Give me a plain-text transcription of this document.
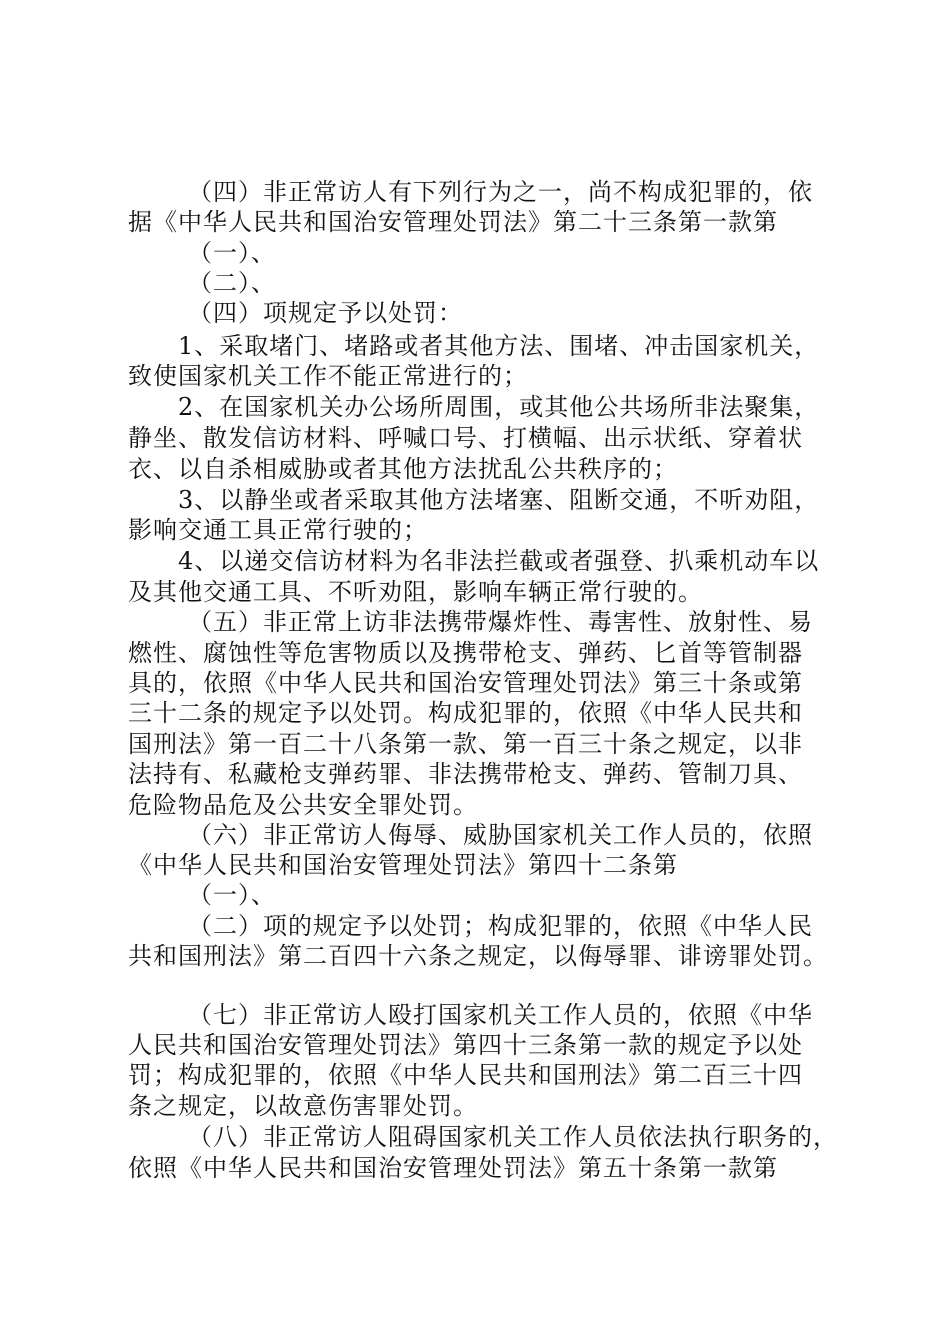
（四）非正常访人有下列行为之一，尚不构成犯罪的，依
据《中华人民共和国治安管理处罚法》第二十三条第一款第
（一）、
（二）、
（四）项规定予以处罚：
1、采取堵门、堵路或者其他方法、围堵、冲击国家机关，
致使国家机关工作不能正常进行的；
2、在国家机关办公场所周围，或其他公共场所非法聚集，
静坐、散发信访材料、呼喊口号、打横幅、出示状纸、穿着状
衣、以自杀相威胁或者其他方法扰乱公共秩序的；
3、以静坐或者采取其他方法堵塞、阻断交通，不听劝阻，
影响交通工具正常行驶的；
4、以递交信访材料为名非法拦截或者强登、扒乘机动车以
及其他交通工具、不听劝阻，影响车辆正常行驶的。
（五）非正常上访非法携带爆炸性、毒害性、放射性、易
燃性、腐蚀性等危害物质以及携带枪支、弹药、匕首等管制器
具的，依照《中华人民共和国治安管理处罚法》第三十条或第
三十二条的规定予以处罚。构成犯罪的，依照《中华人民共和
国刑法》第一百二十八条第一款、第一百三十条之规定，以非
法持有、私藏枪支弹药罪、非法携带枪支、弹药、管制刀具、
危险物品危及公共安全罪处罚。
（六）非正常访人侮辱、威胁国家机关工作人员的，依照
《中华人民共和国治安管理处罚法》第四十二条第
（一）、
（二）项的规定予以处罚；构成犯罪的，依照《中华人民
共和国刑法》第二百四十六条之规定，以侮辱罪、诽谤罪处罚。
（七）非正常访人殴打国家机关工作人员的，依照《中华
人民共和国治安管理处罚法》第四十三条第一款的规定予以处
罚；构成犯罪的，依照《中华人民共和国刑法》第二百三十四
条之规定，以故意伤害罪处罚。
（八）非正常访人阻碍国家机关工作人员依法执行职务的，
依照《中华人民共和国治安管理处罚法》第五十条第一款第
